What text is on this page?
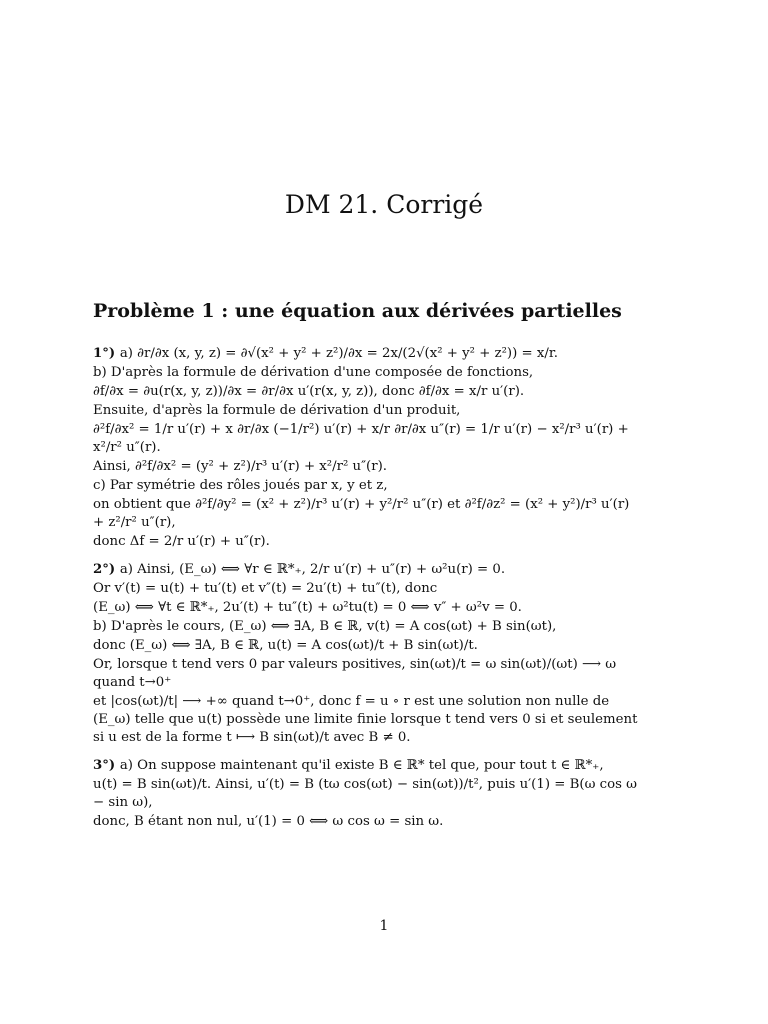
DM 21. Corrigé
Problème 1 : une équation aux dérivées partielles

1°) a) ∂r/∂x (x, y, z) = ∂√(x² + y² + z²)/∂x = 2x/(2√(x² + y² + z²)) = x/r.

b) D'après la formule de dérivation d'une composée de fonctions,

∂f/∂x = ∂u(r(x, y, z))/∂x = ∂r/∂x u′(r(x, y, z)), donc ∂f/∂x = x/r u′(r).

Ensuite, d'après la formule de dérivation d'un produit,

∂²f/∂x² = 1/r u′(r) + x ∂r/∂x (−1/r²) u′(r) + x/r ∂r/∂x u″(r) = 1/r u′(r) − x²/r³ u′(r) + x²/r² u″(r).

Ainsi, ∂²f/∂x² = (y² + z²)/r³ u′(r) + x²/r² u″(r).

c) Par symétrie des rôles joués par x, y et z,

on obtient que ∂²f/∂y² = (x² + z²)/r³ u′(r) + y²/r² u″(r) et ∂²f/∂z² = (x² + y²)/r³ u′(r) + z²/r² u″(r),

donc Δf = 2/r u′(r) + u″(r).

2°) a) Ainsi, (E_ω) ⟺ ∀r ∈ ℝ*₊, 2/r u′(r) + u″(r) + ω²u(r) = 0.

Or v′(t) = u(t) + tu′(t) et v″(t) = 2u′(t) + tu″(t), donc

(E_ω) ⟺ ∀t ∈ ℝ*₊, 2u′(t) + tu″(t) + ω²tu(t) = 0 ⟺ v″ + ω²v = 0.

b) D'après le cours, (E_ω) ⟺ ∃A, B ∈ ℝ, v(t) = A cos(ωt) + B sin(ωt),

donc (E_ω) ⟺ ∃A, B ∈ ℝ, u(t) = A cos(ωt)/t + B sin(ωt)/t.

Or, lorsque t tend vers 0 par valeurs positives, sin(ωt)/t = ω sin(ωt)/(ωt) ⟶ ω quand t→0⁺

et |cos(ωt)/t| ⟶ +∞ quand t→0⁺, donc f = u ∘ r est une solution non nulle de (E_ω) telle que u(t) possède une limite finie lorsque t tend vers 0 si et seulement si u est de la forme t ⟼ B sin(ωt)/t avec B ≠ 0.

3°) a) On suppose maintenant qu'il existe B ∈ ℝ* tel que, pour tout t ∈ ℝ*₊,

u(t) = B sin(ωt)/t. Ainsi, u′(t) = B (tω cos(ωt) − sin(ωt))/t², puis u′(1) = B(ω cos ω − sin ω),

donc, B étant non nul, u′(1) = 0 ⟺ ω cos ω = sin ω.

1
